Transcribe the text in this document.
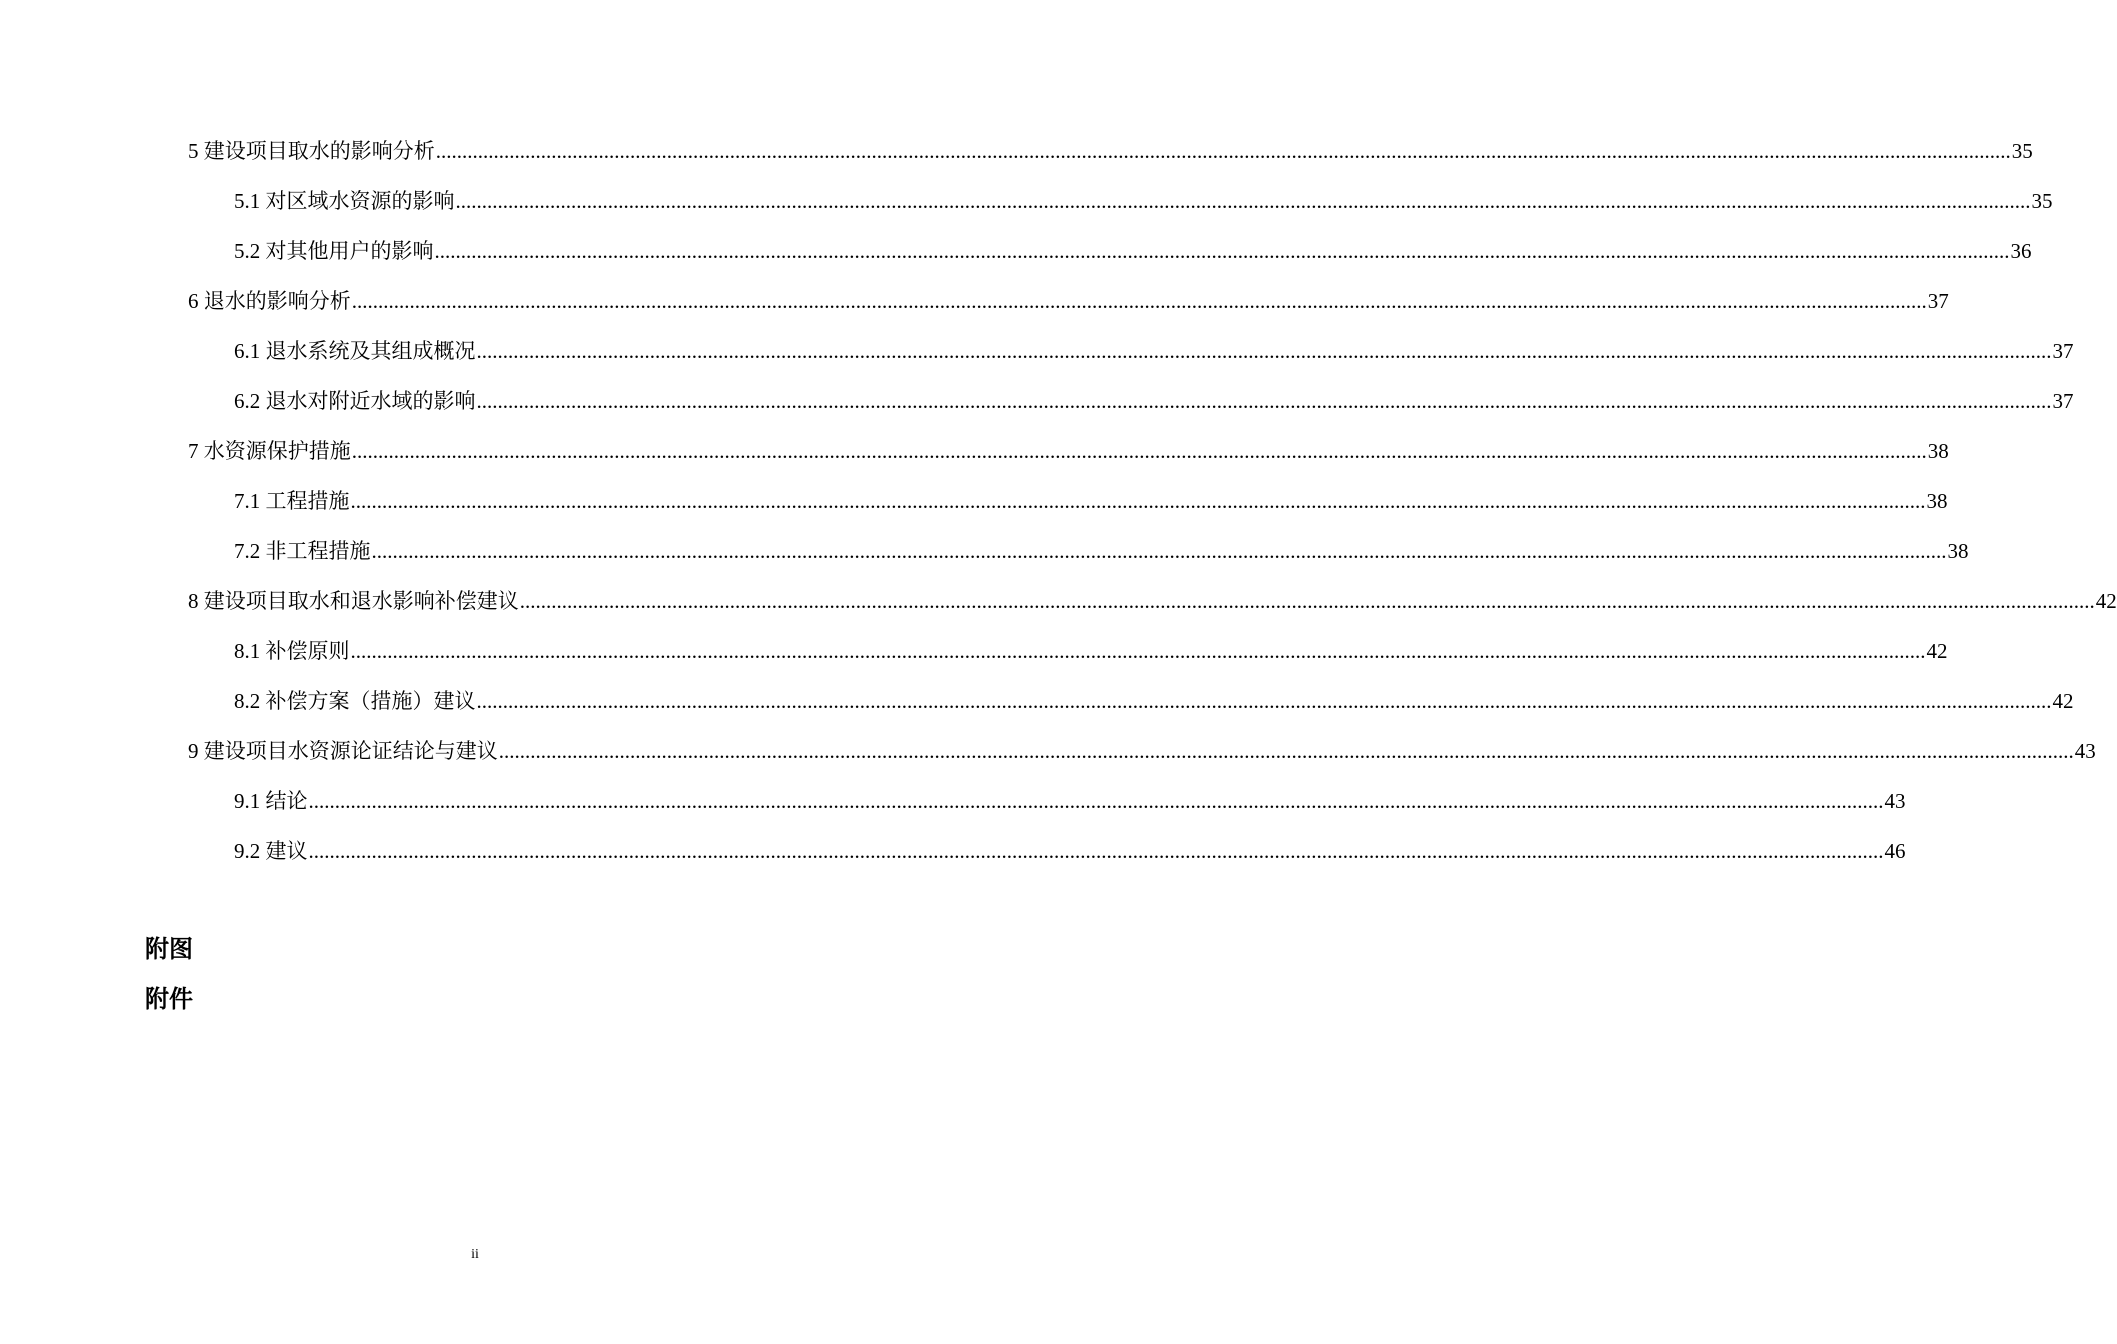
5 建设项目取水的影响分析 ............................................................................................................................................................................................................................................................................................................ 35
5.1 对区域水资源的影响 ............................................................................................................................................................................................................................................................................................................ 35
5.2 对其他用户的影响 ............................................................................................................................................................................................................................................................................................................ 36
6 退水的影响分析 ............................................................................................................................................................................................................................................................................................................ 37
6.1 退水系统及其组成概况 ............................................................................................................................................................................................................................................................................................................ 37
6.2 退水对附近水域的影响 ............................................................................................................................................................................................................................................................................................................ 37
7 水资源保护措施 ............................................................................................................................................................................................................................................................................................................ 38
7.1 工程措施 ............................................................................................................................................................................................................................................................................................................ 38
7.2 非工程措施 ............................................................................................................................................................................................................................................................................................................ 38
8 建设项目取水和退水影响补偿建议 ............................................................................................................................................................................................................................................................................................................ 42
8.1 补偿原则 ............................................................................................................................................................................................................................................................................................................ 42
8.2 补偿方案（措施）建议 ............................................................................................................................................................................................................................................................................................................ 42
9 建设项目水资源论证结论与建议 ............................................................................................................................................................................................................................................................................................................ 43
9.1 结论 ............................................................................................................................................................................................................................................................................................................ 43
9.2 建议 ............................................................................................................................................................................................................................................................................................................ 46
附图
附件
ii
